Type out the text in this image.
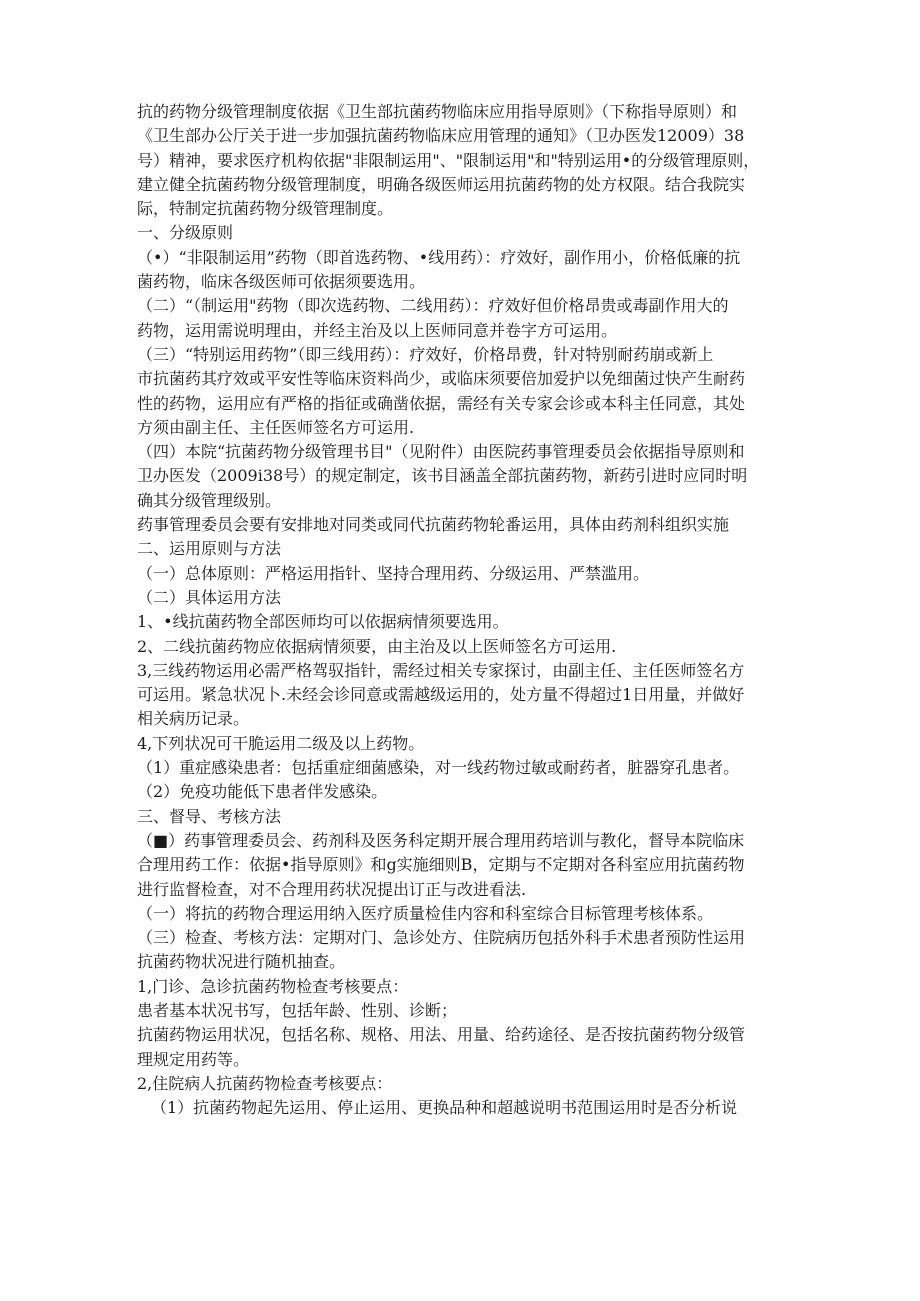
抗的药物分级管理制度依据《卫生部抗菌药物临床应用指导原则》（下称指导原则）和
《卫生部办公厅关于进一步加强抗菌药物临床应用管理的通知》（卫办医发12009）38
号）精神，要求医疗机构依据"非限制运用"、"限制运用"和"特别运用•的分级管理原则，
建立健全抗菌药物分级管理制度，明确各级医师运用抗菌药物的处方权限。结合我院实
际，特制定抗菌药物分级管理制度。
一、分级原则
（•）“非限制运用”药物（即首选药物、•线用药）：疗效好，副作用小，价格低廉的抗
菌药物，临床各级医师可依据须要选用。
（二）“（制运用"药物（即次选药物、二线用药）：疗效好但价格昂贵或毒副作用大的
药物，运用需说明理由，并经主治及以上医师同意并卷字方可运用。
（三）“特别运用药物”（即三线用药）：疗效好，价格昂费，针对特别耐药崩或新上
市抗菌药其疗效或平安性等临床资料尚少，或临床须要倍加爱护以免细菌过快产生耐药
性的药物，运用应有严格的指征或确凿依据，需经有关专家会诊或本科主任同意，其处
方须由副主任、主任医师签名方可运用.
（四）本院“抗菌药物分级管理书目"（见附件）由医院药事管理委员会依据指导原则和
卫办医发（2009i38号）的规定制定，该书目涵盖全部抗菌药物，新药引进时应同时明
确其分级管理级别。
药事管理委员会要有安排地对同类或同代抗菌药物轮番运用，具体由药剂科组织实施
二、运用原则与方法
（一）总体原则：严格运用指针、坚持合理用药、分级运用、严禁滥用。
（二）具体运用方法
1、•线抗菌药物全部医师均可以依据病情须要选用。
2、二线抗菌药物应依据病情须要，由主治及以上医师签名方可运用.
3,三线药物运用必需严格驾驭指针，需经过相关专家探讨，由副主任、主任医师签名方
可运用。紧急状况卜.未经会诊同意或需越级运用的，处方量不得超过1日用量，并做好
相关病历记录。
4,下列状况可干脆运用二级及以上药物。
（1）重症感染患者：包括重症细菌感染，对一线药物过敏或耐药者，脏器穿孔患者。
（2）免疫功能低下患者伴发感染。
三、督导、考核方法
（■）药事管理委员会、药剂科及医务科定期开展合理用药培训与教化，督导本院临床
合理用药工作：依据•指导原则》和g实施细则B，定期与不定期对各科室应用抗菌药物
进行监督检查，对不合理用药状况提出订正与改进看法.
（一）将抗的药物合理运用纳入医疗质量检佳内容和科室综合目标管理考核体系。
（三）检查、考核方法：定期对门、急诊处方、住院病历包括外科手术患者预防性运用
抗菌药物状况进行随机抽查。
1,门诊、急诊抗菌药物检查考核要点：
患者基本状况书写，包括年龄、性别、诊断；
抗菌药物运用状况，包括名称、规格、用法、用量、给药途径、是否按抗菌药物分级管
理规定用药等。
2,住院病人抗菌药物检查考核要点：
（1）抗菌药物起先运用、停止运用、更换品种和超越说明书范围运用时是否分析说
